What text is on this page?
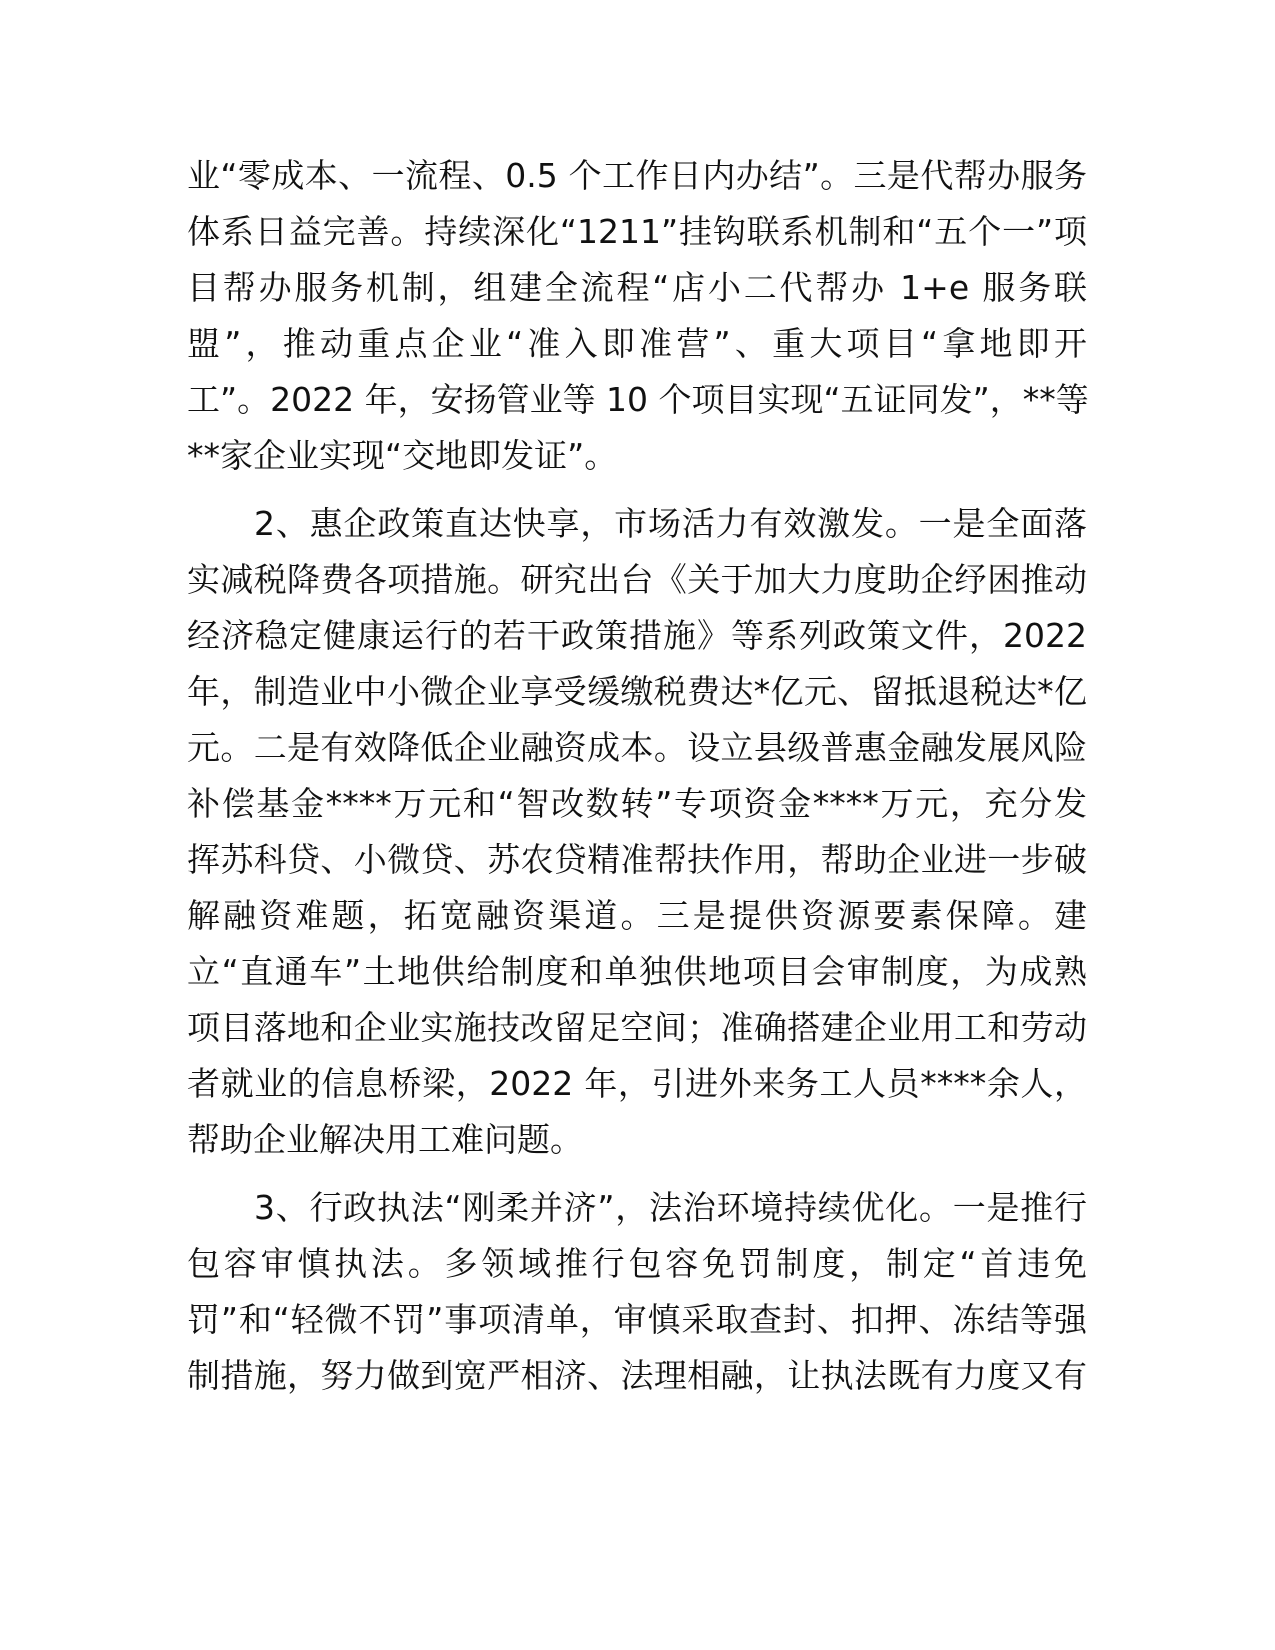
业“零成本、一流程、0.5 个工作日内办结”。三是代帮办服务
体系日益完善。持续深化“1211”挂钩联系机制和“五个一”项
目帮办服务机制，组建全流程“店小二代帮办 1+e 服务联
盟”，推动重点企业“准入即准营”、重大项目“拿地即开
工”。2022 年，安扬管业等 10 个项目实现“五证同发”，**等
**家企业实现“交地即发证”。
2、惠企政策直达快享，市场活力有效激发。一是全面落
实减税降费各项措施。研究出台《关于加大力度助企纾困推动
经济稳定健康运行的若干政策措施》等系列政策文件，2022
年，制造业中小微企业享受缓缴税费达*亿元、留抵退税达*亿
元。二是有效降低企业融资成本。设立县级普惠金融发展风险
补偿基金****万元和“智改数转”专项资金****万元，充分发
挥苏科贷、小微贷、苏农贷精准帮扶作用，帮助企业进一步破
解融资难题，拓宽融资渠道。三是提供资源要素保障。建
立“直通车”土地供给制度和单独供地项目会审制度，为成熟
项目落地和企业实施技改留足空间；准确搭建企业用工和劳动
者就业的信息桥梁，2022 年，引进外来务工人员****余人，
帮助企业解决用工难问题。
3、行政执法“刚柔并济”，法治环境持续优化。一是推行
包容审慎执法。多领域推行包容免罚制度，制定“首违免
罚”和“轻微不罚”事项清单，审慎采取查封、扣押、冻结等强
制措施，努力做到宽严相济、法理相融，让执法既有力度又有
